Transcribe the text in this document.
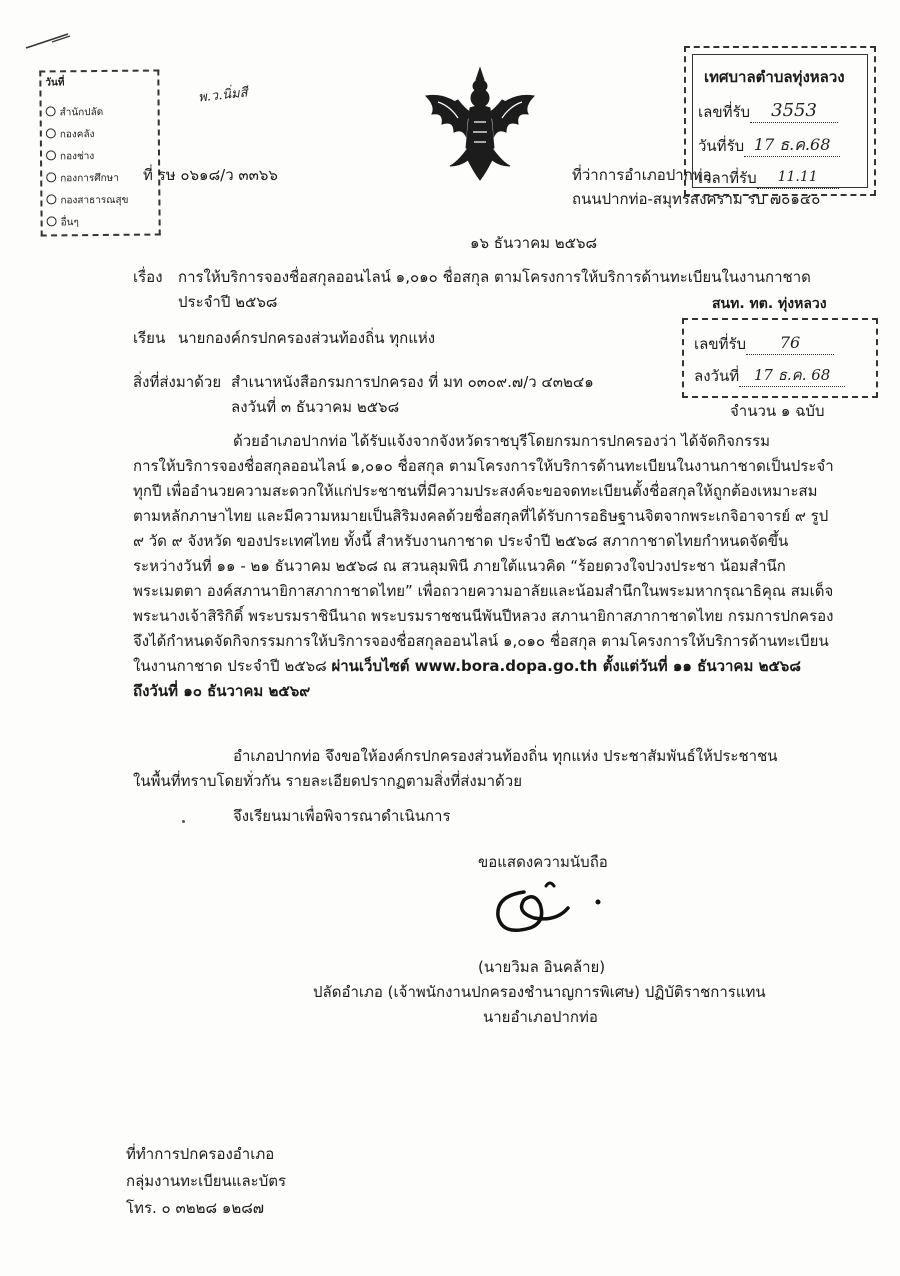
วันที่
สำนักปลัด
กองคลัง
กองช่าง
กองการศึกษา
กองสาธารณสุข
อื่นๆ
พ.ว.นิ่มสี
ที่ รษ ๐๖๑๘/ว ๓๓๖๖
เทศบาลตำบลทุ่งหลวง
เลขที่รับ 3553
วันที่รับ 17 ธ.ค.68
เวลาที่รับ 11.11
ที่ว่าการอำเภอปากท่อ
ถนนปากท่อ-สมุทรสงคราม รบ ๗๐๑๔๐
๑๖ ธันวาคม ๒๕๖๘
เรื่อง การให้บริการจองชื่อสกุลออนไลน์ ๑,๐๑๐ ชื่อสกุล ตามโครงการให้บริการด้านทะเบียนในงานกาชาด
ประจำปี ๒๕๖๘	สนท. ทต. ทุ่งหลวง
เลขที่รับ 76
ลงวันที่ 17 ธ.ค. 68
เรียน นายกองค์กรปกครองส่วนท้องถิ่น ทุกแห่ง
สิ่งที่ส่งมาด้วย สำเนาหนังสือกรมการปกครอง ที่ มท ๐๓๐๙.๗/ว ๔๓๒๔๑
ลงวันที่ ๓ ธันวาคม ๒๕๖๘	จำนวน ๑ ฉบับ
ด้วยอำเภอปากท่อ ได้รับแจ้งจากจังหวัดราชบุรีโดยกรมการปกครองว่า ได้จัดกิจกรรม
การให้บริการจองชื่อสกุลออนไลน์ ๑,๐๑๐ ชื่อสกุล ตามโครงการให้บริการด้านทะเบียนในงานกาชาดเป็นประจำ
ทุกปี เพื่ออำนวยความสะดวกให้แก่ประชาชนที่มีความประสงค์จะขอจดทะเบียนตั้งชื่อสกุลให้ถูกต้องเหมาะสม
ตามหลักภาษาไทย และมีความหมายเป็นสิริมงคลด้วยชื่อสกุลที่ได้รับการอธิษฐานจิตจากพระเกจิอาจารย์ ๙ รูป
๙ วัด ๙ จังหวัด ของประเทศไทย ทั้งนี้ สำหรับงานกาชาด ประจำปี ๒๕๖๘ สภากาชาดไทยกำหนดจัดขึ้น
ระหว่างวันที่ ๑๑ - ๒๑ ธันวาคม ๒๕๖๘ ณ สวนลุมพินี ภายใต้แนวคิด “ร้อยดวงใจปวงประชา น้อมสำนึก
พระเมตตา องค์สภานายิกาสภากาชาดไทย” เพื่อถวายความอาลัยและน้อมสำนึกในพระมหากรุณาธิคุณ สมเด็จ
พระนางเจ้าสิริกิติ์ พระบรมราชินีนาถ พระบรมราชชนนีพันปีหลวง สภานายิกาสภากาชาดไทย กรมการปกครอง
จึงได้กำหนดจัดกิจกรรมการให้บริการจองชื่อสกุลออนไลน์ ๑,๐๑๐ ชื่อสกุล ตามโครงการให้บริการด้านทะเบียน
ในงานกาชาด ประจำปี ๒๕๖๘ ผ่านเว็บไซต์ www.bora.dopa.go.th ตั้งแต่วันที่ ๑๑ ธันวาคม ๒๕๖๘
ถึงวันที่ ๑๐ ธันวาคม ๒๕๖๙
อำเภอปากท่อ จึงขอให้องค์กรปกครองส่วนท้องถิ่น ทุกแห่ง ประชาสัมพันธ์ให้ประชาชน
ในพื้นที่ทราบโดยทั่วกัน รายละเอียดปรากฏตามสิ่งที่ส่งมาด้วย
จึงเรียนมาเพื่อพิจารณาดำเนินการ
ขอแสดงความนับถือ
(นายวิมล อินคล้าย)
ปลัดอำเภอ (เจ้าพนักงานปกครองชำนาญการพิเศษ) ปฏิบัติราชการแทน
นายอำเภอปากท่อ
ที่ทำการปกครองอำเภอ
กลุ่มงานทะเบียนและบัตร
โทร. ๐ ๓๒๒๘ ๑๒๘๗
